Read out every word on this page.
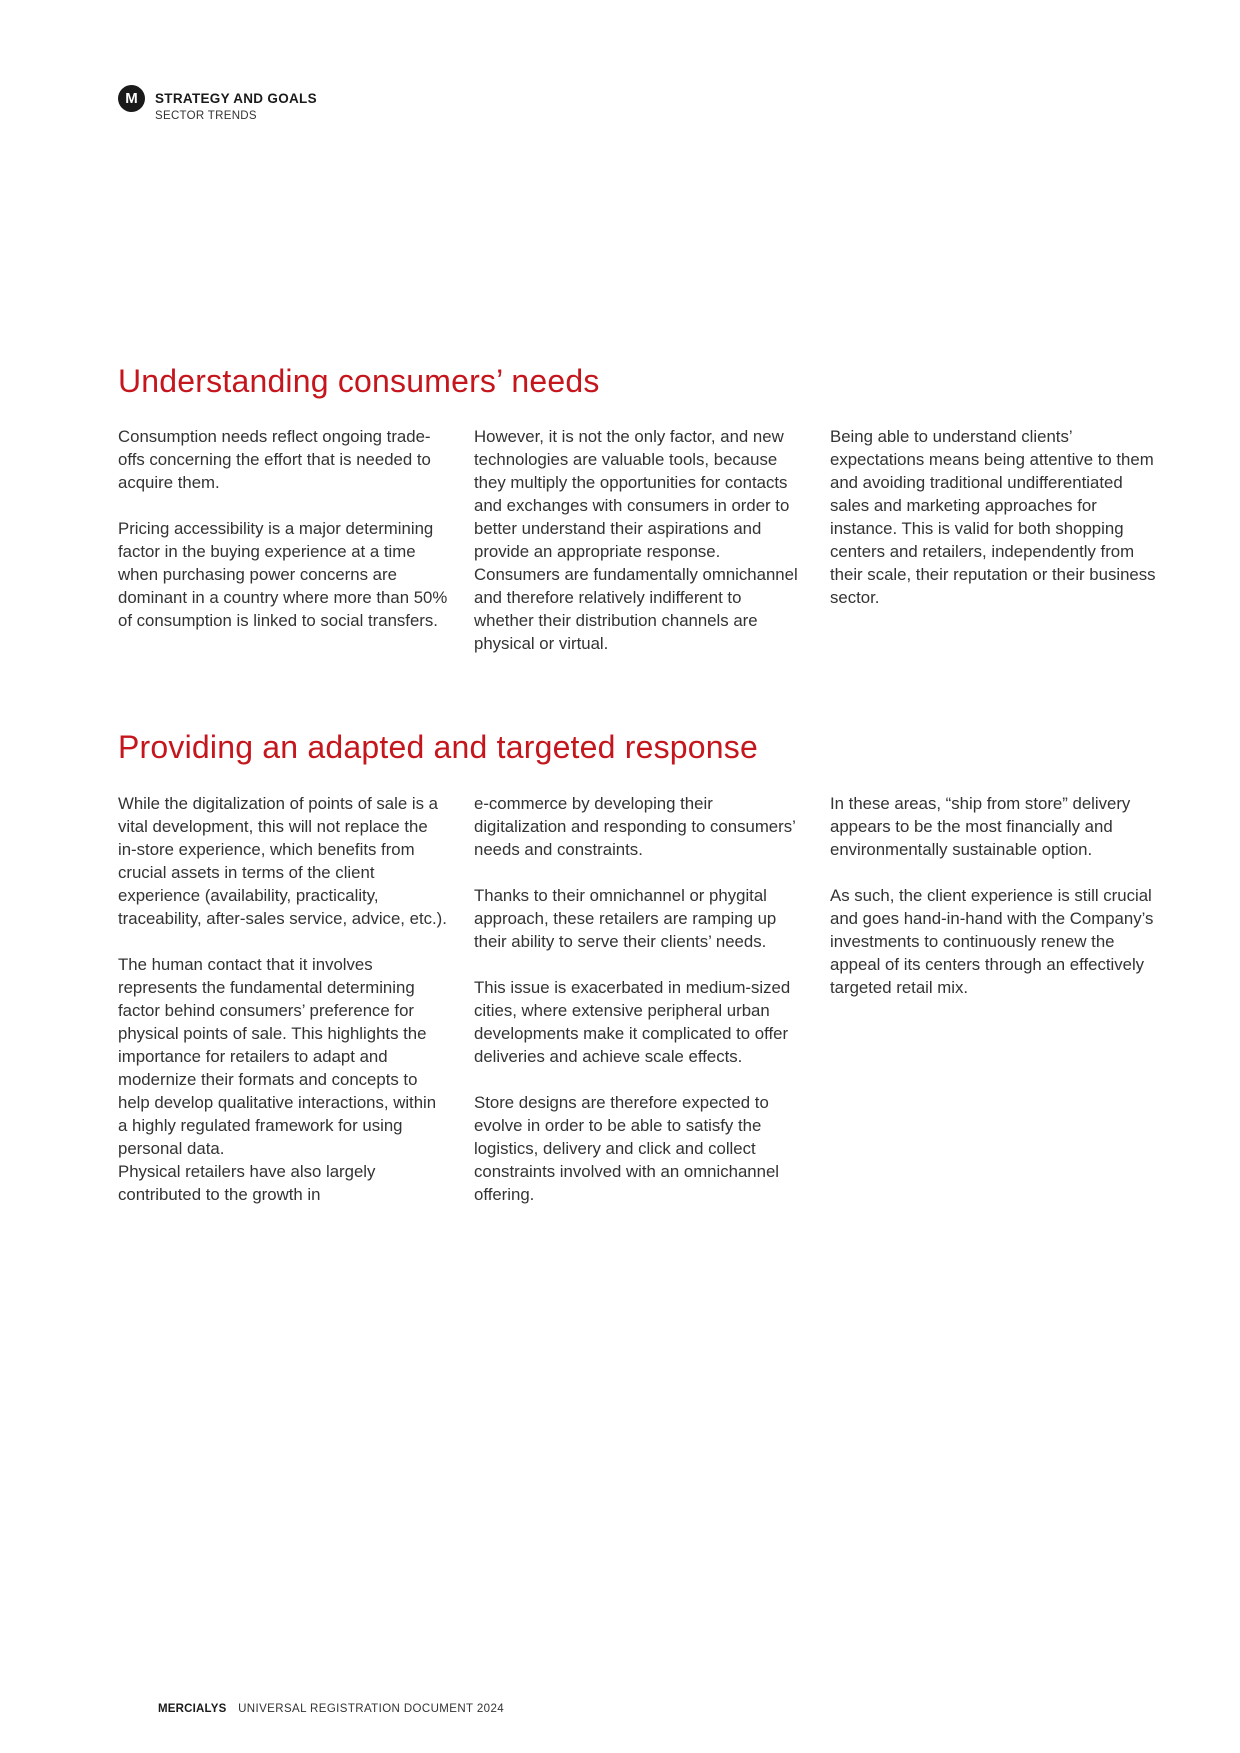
M	STRATEGY AND GOALS
SECTOR TRENDS
Understanding consumers’ needs

Consumption needs reflect ongoing trade-offs concerning the effort that is needed to acquire them.

Pricing accessibility is a major determining factor in the buying experience at a time when purchasing power concerns are dominant in a country where more than 50% of consumption is linked to social transfers.

However, it is not the only factor, and new technologies are valuable tools, because they multiply the opportunities for contacts and exchanges with consumers in order to better understand their aspirations and provide an appropriate response. Consumers are fundamentally omnichannel and therefore relatively indifferent to whether their distribution channels are physical or virtual.

Being able to understand clients’ expectations means being attentive to them and avoiding traditional undifferentiated sales and marketing approaches for instance. This is valid for both shopping centers and retailers, independently from their scale, their reputation or their business sector.

Providing an adapted and targeted response

While the digitalization of points of sale is a vital development, this will not replace the in-store experience, which benefits from crucial assets in terms of the client experience (availability, practicality, traceability, after-sales service, advice, etc.).

The human contact that it involves represents the fundamental determining factor behind consumers’ preference for physical points of sale. This highlights the importance for retailers to adapt and modernize their formats and concepts to help develop qualitative interactions, within a highly regulated framework for using personal data.

Physical retailers have also largely contributed to the growth in

e-commerce by developing their digitalization and responding to consumers’ needs and constraints.

Thanks to their omnichannel or phygital approach, these retailers are ramping up their ability to serve their clients’ needs.

This issue is exacerbated in medium-sized cities, where extensive peripheral urban developments make it complicated to offer deliveries and achieve scale effects.

Store designs are therefore expected to evolve in order to be able to satisfy the logistics, delivery and click and collect constraints involved with an omnichannel offering.

In these areas, “ship from store” delivery appears to be the most financially and environmentally sustainable option.

As such, the client experience is still crucial and goes hand-in-hand with the Company’s investments to continuously renew the appeal of its centers through an effectively targeted retail mix.

MERCIALYS UNIVERSAL REGISTRATION DOCUMENT 2024
